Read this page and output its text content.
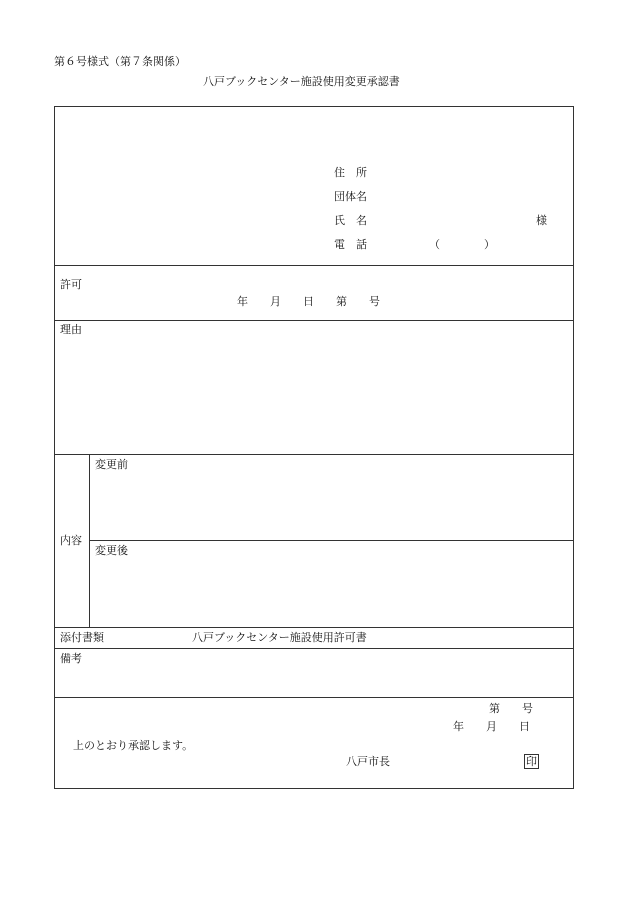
第６号様式（第７条関係）
八戸ブックセンター施設使用変更承認書
住　所
団体名
氏　名	様
電　話	（　　　　）
許可
年　　月　　日　　第　　号
理由
内容
変更前
変更後
添付書類	八戸ブックセンター施設使用許可書
備考
第　　号
年　　月　　日
上のとおり承認します。
八戸市長	印
